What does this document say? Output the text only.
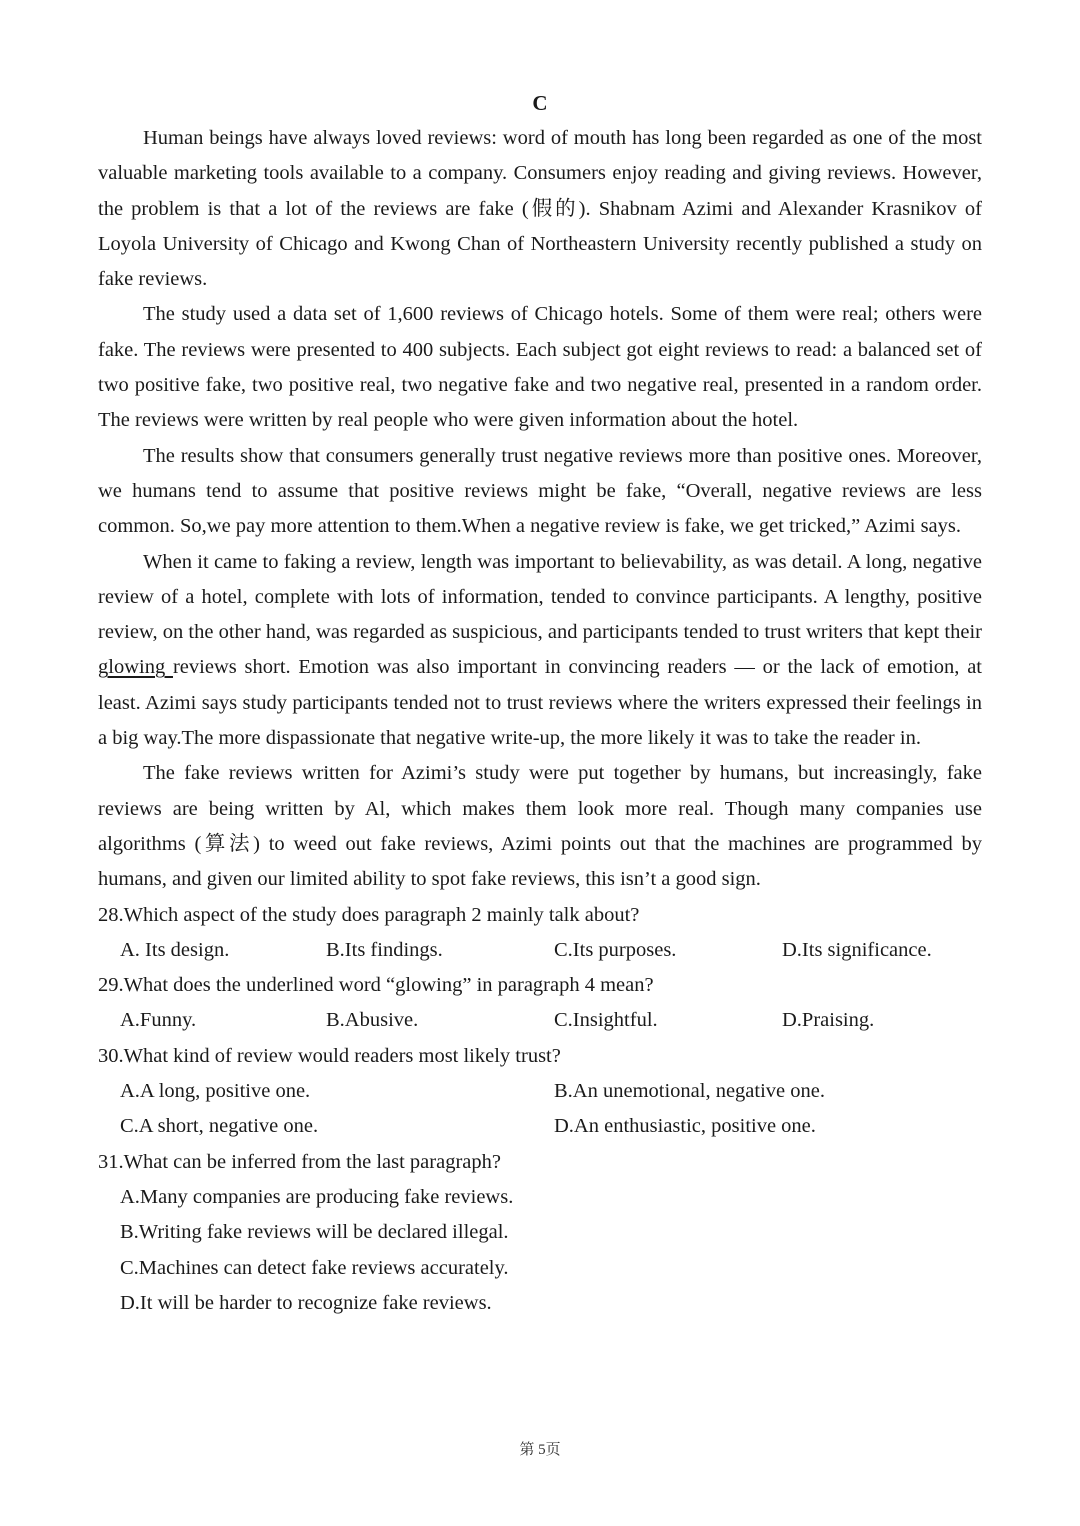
C

Human beings have always loved reviews: word of mouth has long been regarded as one of the most valuable marketing tools available to a company. Consumers enjoy reading and giving reviews. However, the problem is that a lot of the reviews are fake (假的). Shabnam Azimi and Alexander Krasnikov of Loyola University of Chicago and Kwong Chan of Northeastern University recently published a study on fake reviews.

The study used a data set of 1,600 reviews of Chicago hotels. Some of them were real; others were fake. The reviews were presented to 400 subjects. Each subject got eight reviews to read: a balanced set of two positive fake, two positive real, two negative fake and two negative real, presented in a random order. The reviews were written by real people who were given information about the hotel.

The results show that consumers generally trust negative reviews more than positive ones. Moreover, we humans tend to assume that positive reviews might be fake, “Overall, negative reviews are less common. So,we pay more attention to them.When a negative review is fake, we get tricked,” Azimi says.

When it came to faking a review, length was important to believability, as was detail. A long, negative review of a hotel, complete with lots of information, tended to convince participants. A lengthy, positive review, on the other hand, was regarded as suspicious, and participants tended to trust writers that kept their glowing reviews short. Emotion was also important in convincing readers — or the lack of emotion, at least. Azimi says study participants tended not to trust reviews where the writers expressed their feelings in a big way.The more dispassionate that negative write-up, the more likely it was to take the reader in.

The fake reviews written for Azimi’s study were put together by humans, but increasingly, fake reviews are being written by Al, which makes them look more real. Though many companies use algorithms (算法) to weed out fake reviews, Azimi points out that the machines are programmed by humans, and given our limited ability to spot fake reviews, this isn’t a good sign.

28.Which aspect of the study does paragraph 2 mainly talk about?

A. Its design.	B.Its findings.	C.Its purposes.	D.Its significance.

29.What does the underlined word “glowing” in paragraph 4 mean?

A.Funny.	B.Abusive.	C.Insightful.	D.Praising.

30.What kind of review would readers most likely trust?

A.A long, positive one.	B.An unemotional, negative one.
C.A short, negative one.	D.An enthusiastic, positive one.

31.What can be inferred from the last paragraph?

A.Many companies are producing fake reviews.
B.Writing fake reviews will be declared illegal.
C.Machines can detect fake reviews accurately.
D.It will be harder to recognize fake reviews.
第 5页
